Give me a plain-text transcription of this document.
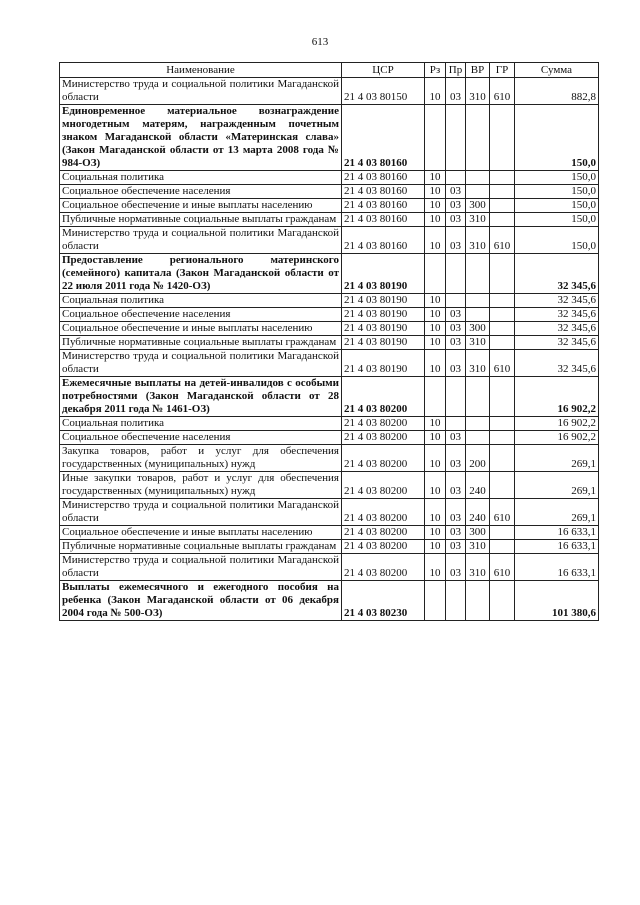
613
Наименование	ЦСР	Рз	Пр	ВР	ГР	Сумма
Министерство труда и социальной политики Магаданской области	21 4 03 80150	10	03	310	610	882,8
Единовременное материальное вознаграждение многодетным матерям, награжденным почетным знаком Магаданской области «Материнская слава» (Закон Магаданской области от 13 марта 2008 года № 984-ОЗ)	21 4 03 80160					150,0
Социальная политика	21 4 03 80160	10				150,0
Социальное обеспечение населения	21 4 03 80160	10	03			150,0
Социальное обеспечение и иные выплаты населению	21 4 03 80160	10	03	300		150,0
Публичные нормативные социальные выплаты гражданам	21 4 03 80160	10	03	310		150,0
Министерство труда и социальной политики Магаданской области	21 4 03 80160	10	03	310	610	150,0
Предоставление регионального материнского (семейного) капитала (Закон Магаданской области от 22 июля 2011 года № 1420-ОЗ)	21 4 03 80190					32 345,6
Социальная политика	21 4 03 80190	10				32 345,6
Социальное обеспечение населения	21 4 03 80190	10	03			32 345,6
Социальное обеспечение и иные выплаты населению	21 4 03 80190	10	03	300		32 345,6
Публичные нормативные социальные выплаты гражданам	21 4 03 80190	10	03	310		32 345,6
Министерство труда и социальной политики Магаданской области	21 4 03 80190	10	03	310	610	32 345,6
Ежемесячные выплаты на детей-инвалидов с особыми потребностями (Закон Магаданской области от 28 декабря 2011 года № 1461-ОЗ)	21 4 03 80200					16 902,2
Социальная политика	21 4 03 80200	10				16 902,2
Социальное обеспечение населения	21 4 03 80200	10	03			16 902,2
Закупка товаров, работ и услуг для обеспечения государственных (муниципальных) нужд	21 4 03 80200	10	03	200		269,1
Иные закупки товаров, работ и услуг для обеспечения государственных (муниципальных) нужд	21 4 03 80200	10	03	240		269,1
Министерство труда и социальной политики Магаданской области	21 4 03 80200	10	03	240	610	269,1
Социальное обеспечение и иные выплаты населению	21 4 03 80200	10	03	300		16 633,1
Публичные нормативные социальные выплаты гражданам	21 4 03 80200	10	03	310		16 633,1
Министерство труда и социальной политики Магаданской области	21 4 03 80200	10	03	310	610	16 633,1
Выплаты ежемесячного и ежегодного пособия на ребенка (Закон Магаданской области от 06 декабря 2004 года № 500-ОЗ)	21 4 03 80230					101 380,6
